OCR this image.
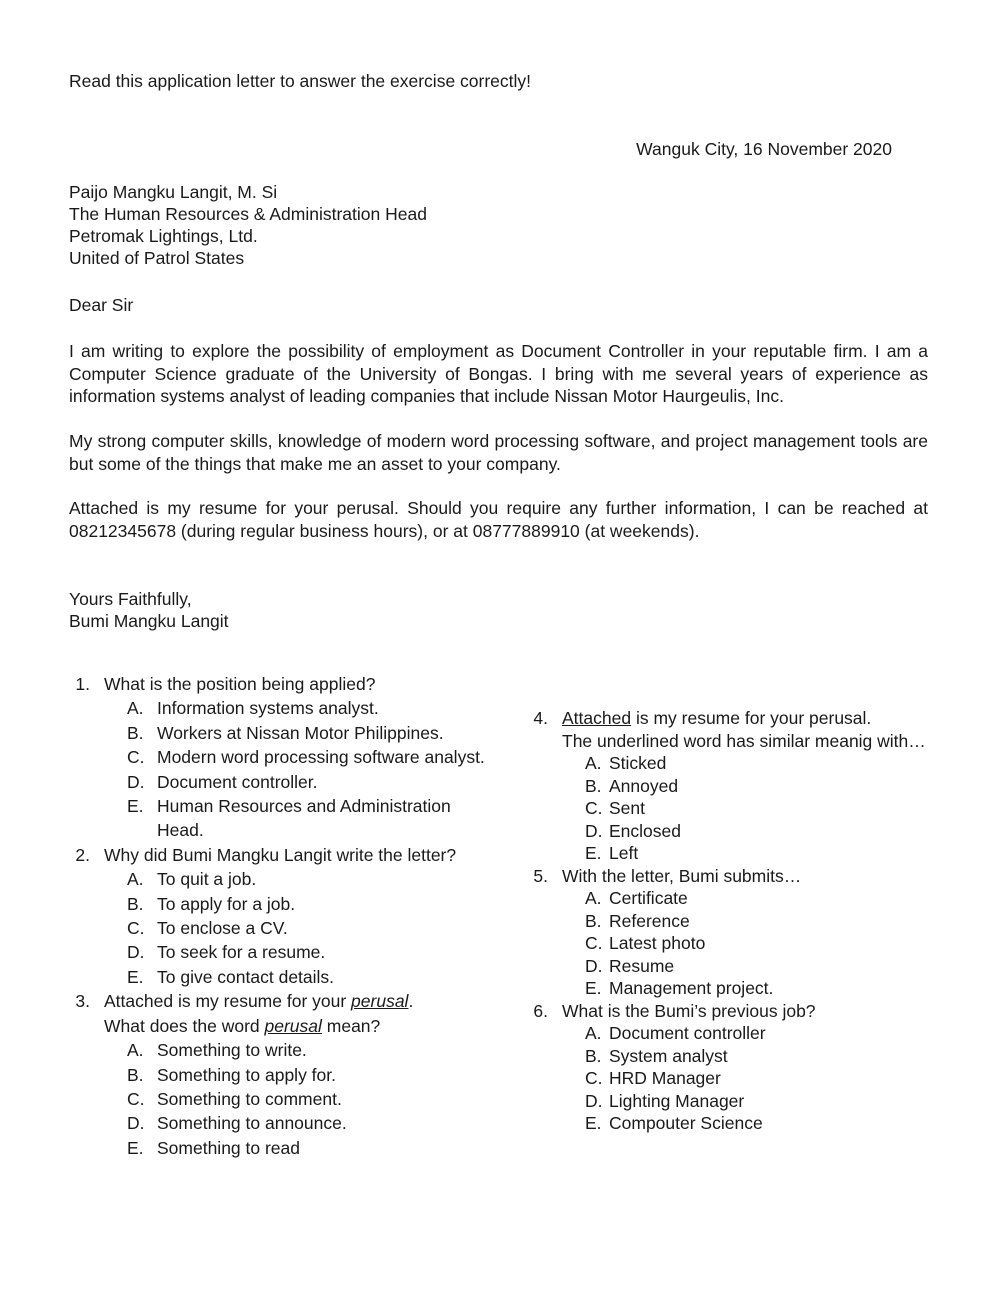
Read this application letter to answer the exercise correctly!
Wanguk City, 16 November 2020
Paijo Mangku Langit, M. Si
The Human Resources & Administration Head
Petromak Lightings, Ltd.
United of Patrol States
Dear Sir
I am writing to explore the possibility of employment as Document Controller in your reputable firm. I am a Computer Science graduate of the University of Bongas. I bring with me several years of experience as information systems analyst of leading companies that include Nissan Motor Haurgeulis, Inc.
My strong computer skills, knowledge of modern word processing software, and project management tools are but some of the things that make me an asset to your company.
Attached is my resume for your perusal. Should you require any further information, I can be reached at 08212345678 (during regular business hours), or at 08777889910 (at weekends).
Yours Faithfully,
Bumi Mangku Langit
1. What is the position being applied?
A. Information systems analyst.
B. Workers at Nissan Motor Philippines.
C. Modern word processing software analyst.
D. Document controller.
E. Human Resources and Administration Head.
2. Why did Bumi Mangku Langit write the letter?
A. To quit a job.
B. To apply for a job.
C. To enclose a CV.
D. To seek for a resume.
E. To give contact details.
3. Attached is my resume for your perusal.
What does the word perusal mean?
A. Something to write.
B. Something to apply for.
C. Something to comment.
D. Something to announce.
E. Something to read
4. Attached is my resume for your perusal.
The underlined word has similar meanig with…
A. Sticked
B. Annoyed
C. Sent
D. Enclosed
E. Left
5. With the letter, Bumi submits…
A. Certificate
B. Reference
C. Latest photo
D. Resume
E. Management project.
6. What is the Bumi’s previous job?
A. Document controller
B. System analyst
C. HRD Manager
D. Lighting Manager
E. Compouter Science
